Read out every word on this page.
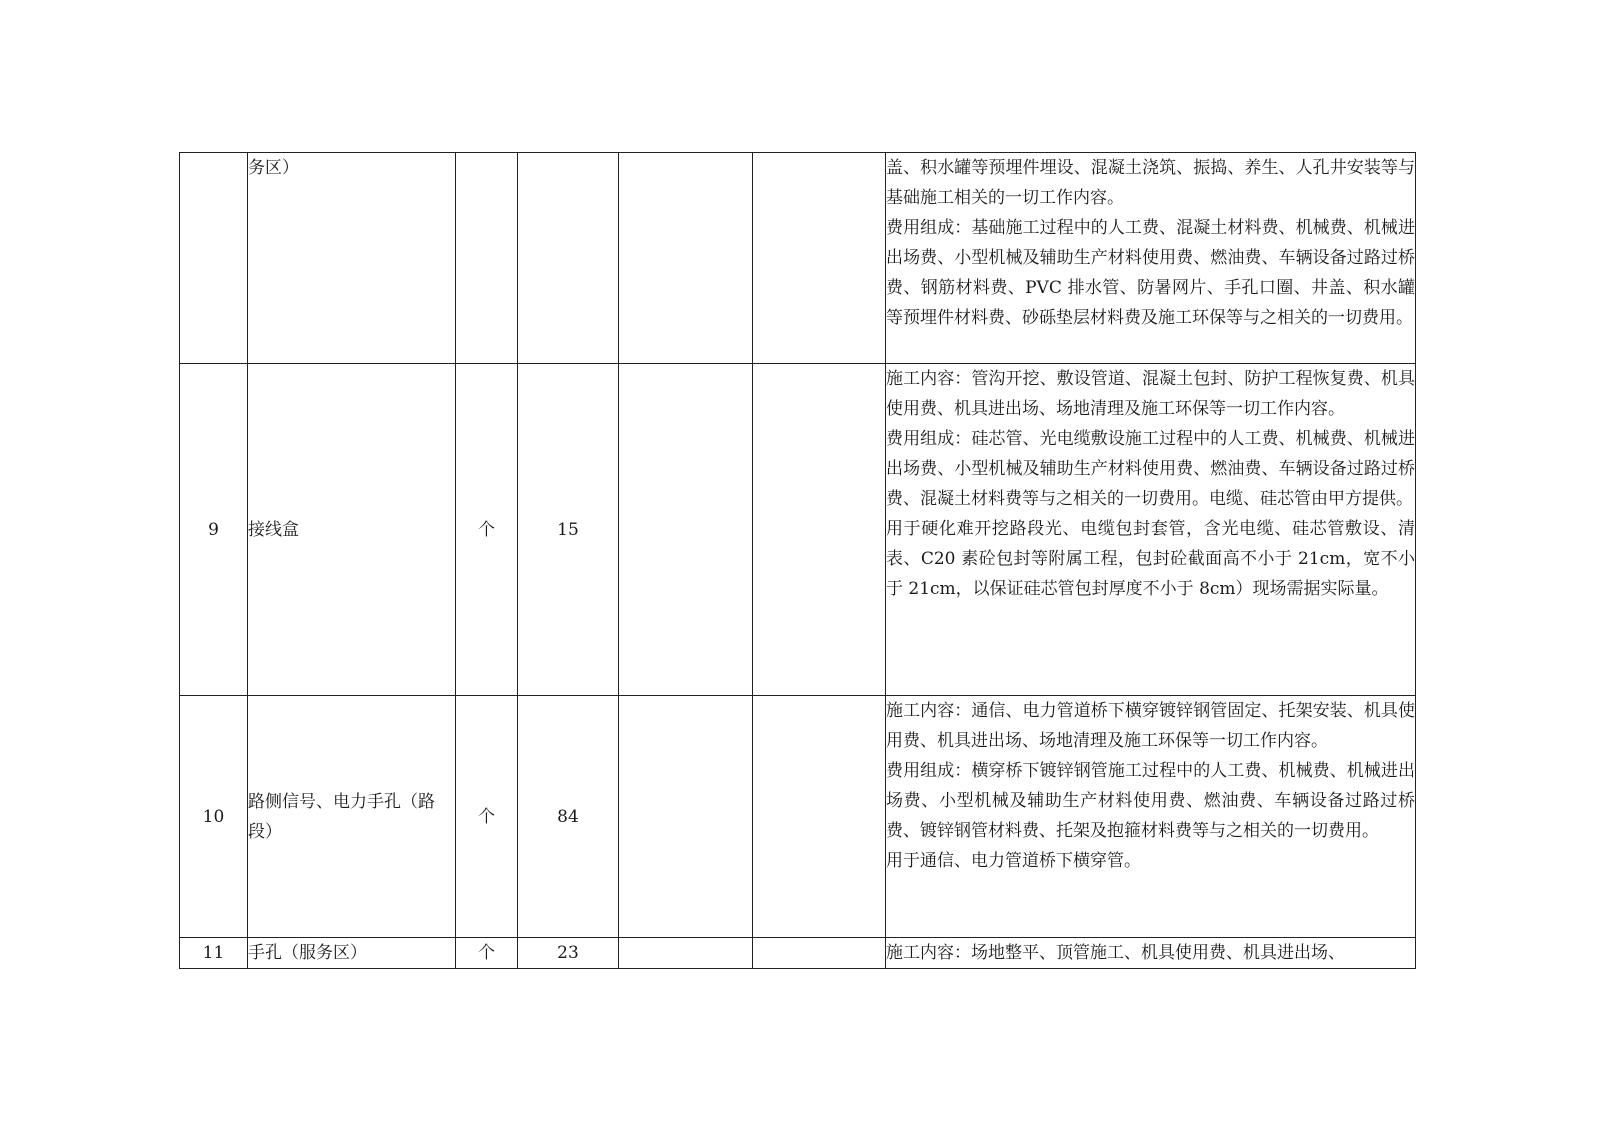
	务区）					盖、积水罐等预埋件埋设、混凝土浇筑、振捣、养生、人孔井安装等与基础施工相关的一切工作内容。

费用组成：基础施工过程中的人工费、混凝土材料费、机械费、机械进出场费、小型机械及辅助生产材料使用费、燃油费、车辆设备过路过桥费、钢筋材料费、PVC 排水管、防暑网片、手孔口圈、井盖、积水罐等预埋件材料费、砂砾垫层材料费及施工环保等与之相关的一切费用。

9	接线盒	个	15			施工内容：管沟开挖、敷设管道、混凝土包封、防护工程恢复费、机具使用费、机具进出场、场地清理及施工环保等一切工作内容。

费用组成：硅芯管、光电缆敷设施工过程中的人工费、机械费、机械进出场费、小型机械及辅助生产材料使用费、燃油费、车辆设备过路过桥费、混凝土材料费等与之相关的一切费用。电缆、硅芯管由甲方提供。

用于硬化难开挖路段光、电缆包封套管，含光电缆、硅芯管敷设、清表、C20 素砼包封等附属工程，包封砼截面高不小于 21cm，宽不小于 21cm，以保证硅芯管包封厚度不小于 8cm）现场需据实际量。

10	路侧信号、电力手孔（路段）	个	84			施工内容：通信、电力管道桥下横穿镀锌钢管固定、托架安装、机具使用费、机具进出场、场地清理及施工环保等一切工作内容。

费用组成：横穿桥下镀锌钢管施工过程中的人工费、机械费、机械进出场费、小型机械及辅助生产材料使用费、燃油费、车辆设备过路过桥费、镀锌钢管材料费、托架及抱箍材料费等与之相关的一切费用。

用于通信、电力管道桥下横穿管。

11	手孔（服务区）	个	23			施工内容：场地整平、顶管施工、机具使用费、机具进出场、
